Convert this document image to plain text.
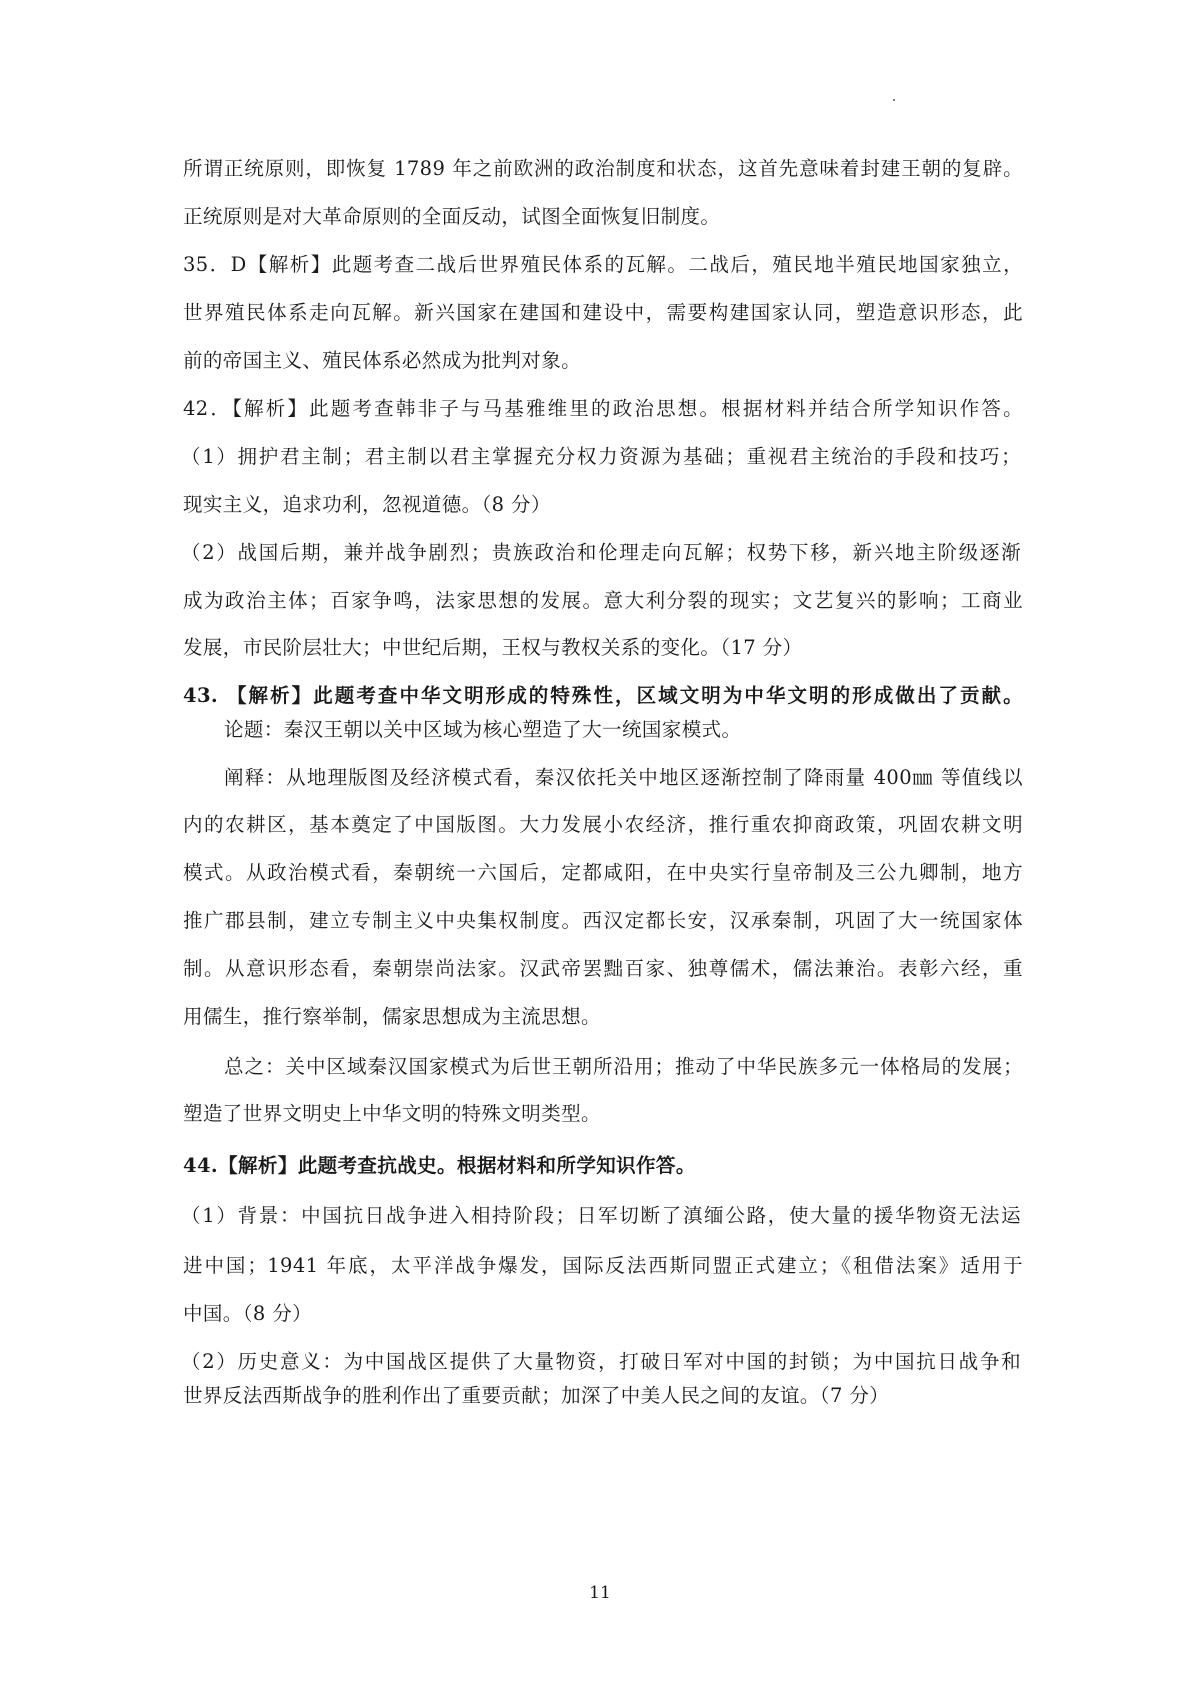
所谓正统原则，即恢复 1789 年之前欧洲的政治制度和状态，这首先意味着封建王朝的复辟。
正统原则是对大革命原则的全面反动，试图全面恢复旧制度。
35．D【解析】此题考查二战后世界殖民体系的瓦解。二战后，殖民地半殖民地国家独立，
世界殖民体系走向瓦解。新兴国家在建国和建设中，需要构建国家认同，塑造意识形态，此
前的帝国主义、殖民体系必然成为批判对象。
42．【解析】此题考查韩非子与马基雅维里的政治思想。根据材料并结合所学知识作答。
（1）拥护君主制；君主制以君主掌握充分权力资源为基础；重视君主统治的手段和技巧；
现实主义，追求功利，忽视道德。（8 分）
（2）战国后期，兼并战争剧烈；贵族政治和伦理走向瓦解；权势下移，新兴地主阶级逐渐
成为政治主体；百家争鸣，法家思想的发展。意大利分裂的现实；文艺复兴的影响；工商业
发展，市民阶层壮大；中世纪后期，王权与教权关系的变化。（17 分）
43. 【解析】此题考查中华文明形成的特殊性，区域文明为中华文明的形成做出了贡献。
论题：秦汉王朝以关中区域为核心塑造了大一统国家模式。
阐释：从地理版图及经济模式看，秦汉依托关中地区逐渐控制了降雨量 400㎜ 等值线以
内的农耕区，基本奠定了中国版图。大力发展小农经济，推行重农抑商政策，巩固农耕文明
模式。从政治模式看，秦朝统一六国后，定都咸阳，在中央实行皇帝制及三公九卿制，地方
推广郡县制，建立专制主义中央集权制度。西汉定都长安，汉承秦制，巩固了大一统国家体
制。从意识形态看，秦朝崇尚法家。汉武帝罢黜百家、独尊儒术，儒法兼治。表彰六经，重
用儒生，推行察举制，儒家思想成为主流思想。
总之：关中区域秦汉国家模式为后世王朝所沿用；推动了中华民族多元一体格局的发展；
塑造了世界文明史上中华文明的特殊文明类型。
44.【解析】此题考查抗战史。根据材料和所学知识作答。
（1）背景：中国抗日战争进入相持阶段；日军切断了滇缅公路，使大量的援华物资无法运
进中国；1941 年底，太平洋战争爆发，国际反法西斯同盟正式建立；《租借法案》适用于
中国。（8 分）
（2）历史意义：为中国战区提供了大量物资，打破日军对中国的封锁；为中国抗日战争和
世界反法西斯战争的胜利作出了重要贡献；加深了中美人民之间的友谊。（7 分）
11
